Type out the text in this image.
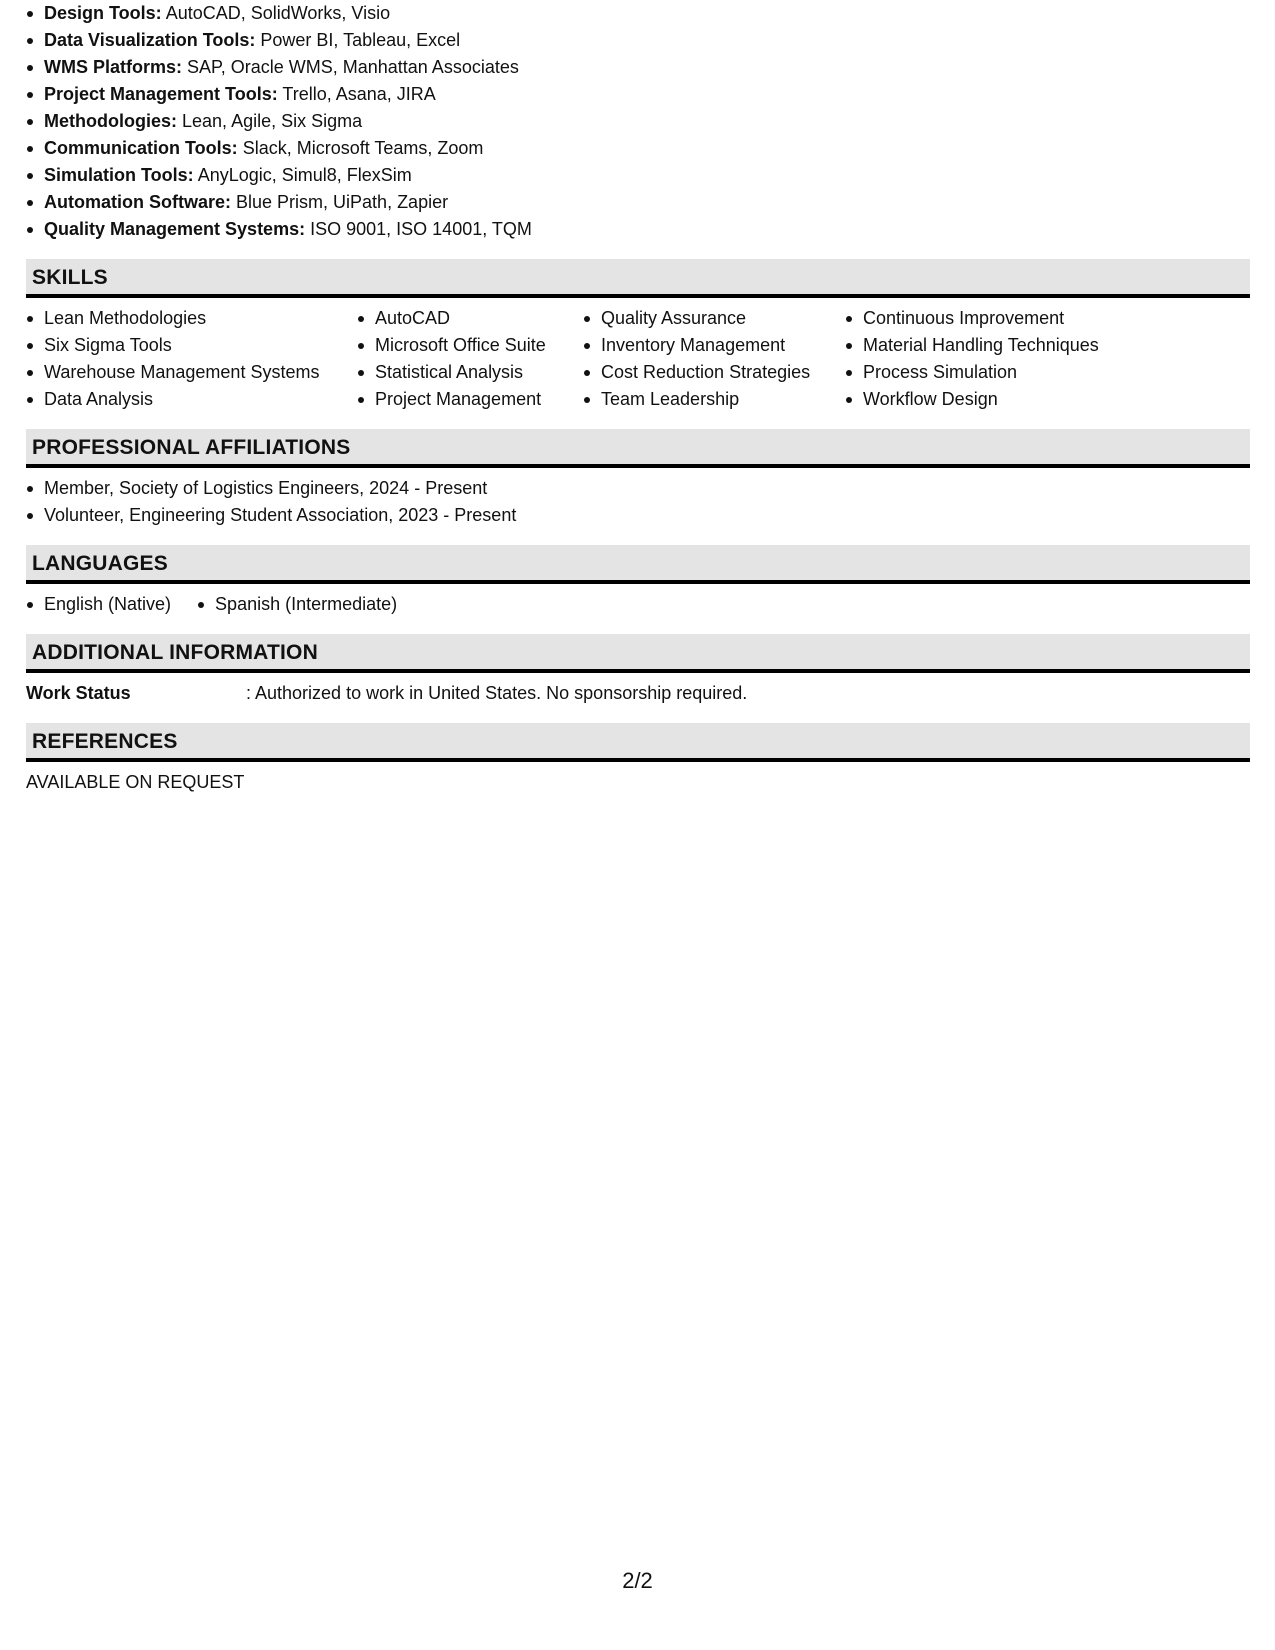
Design Tools: AutoCAD, SolidWorks, Visio
Data Visualization Tools: Power BI, Tableau, Excel
WMS Platforms: SAP, Oracle WMS, Manhattan Associates
Project Management Tools: Trello, Asana, JIRA
Methodologies: Lean, Agile, Six Sigma
Communication Tools: Slack, Microsoft Teams, Zoom
Simulation Tools: AnyLogic, Simul8, FlexSim
Automation Software: Blue Prism, UiPath, Zapier
Quality Management Systems: ISO 9001, ISO 14001, TQM
SKILLS
Lean Methodologies
Six Sigma Tools
Warehouse Management Systems
Data Analysis
AutoCAD
Microsoft Office Suite
Statistical Analysis
Project Management
Quality Assurance
Inventory Management
Cost Reduction Strategies
Team Leadership
Continuous Improvement
Material Handling Techniques
Process Simulation
Workflow Design
PROFESSIONAL AFFILIATIONS
Member, Society of Logistics Engineers, 2024 - Present
Volunteer, Engineering Student Association, 2023 - Present
LANGUAGES
English (Native)	Spanish (Intermediate)
ADDITIONAL INFORMATION
Work Status	: Authorized to work in United States. No sponsorship required.
REFERENCES
AVAILABLE ON REQUEST
2/2
